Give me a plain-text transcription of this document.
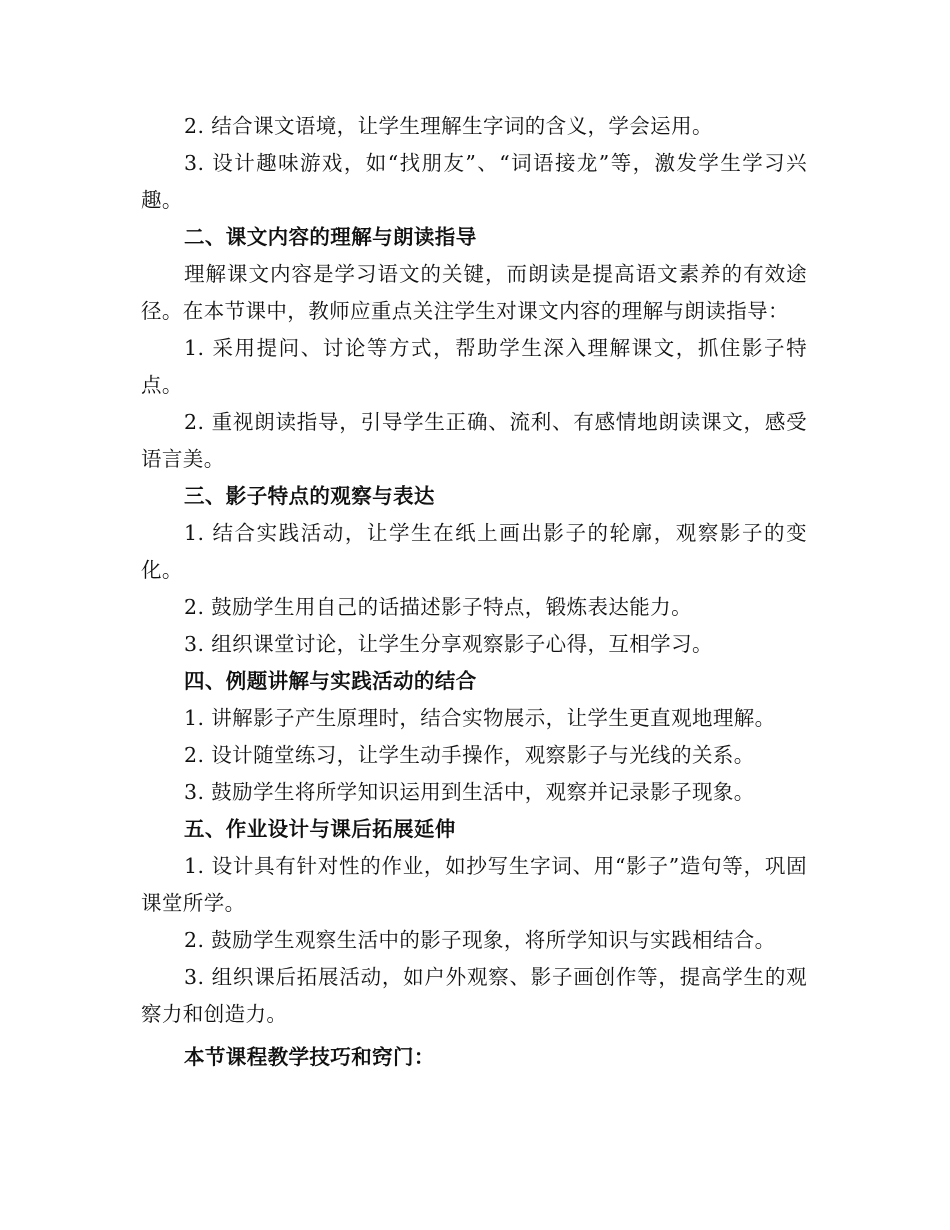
2. 结合课文语境，让学生理解生字词的含义，学会运用。

3. 设计趣味游戏，如“找朋友”、“词语接龙”等，激发学生学习兴趣。

二、课文内容的理解与朗读指导

理解课文内容是学习语文的关键，而朗读是提高语文素养的有效途径。在本节课中，教师应重点关注学生对课文内容的理解与朗读指导：

1. 采用提问、讨论等方式，帮助学生深入理解课文，抓住影子特点。

2. 重视朗读指导，引导学生正确、流利、有感情地朗读课文，感受语言美。

三、影子特点的观察与表达

1. 结合实践活动，让学生在纸上画出影子的轮廓，观察影子的变化。

2. 鼓励学生用自己的话描述影子特点，锻炼表达能力。

3. 组织课堂讨论，让学生分享观察影子心得，互相学习。

四、例题讲解与实践活动的结合

1. 讲解影子产生原理时，结合实物展示，让学生更直观地理解。

2. 设计随堂练习，让学生动手操作，观察影子与光线的关系。

3. 鼓励学生将所学知识运用到生活中，观察并记录影子现象。

五、作业设计与课后拓展延伸

1. 设计具有针对性的作业，如抄写生字词、用“影子”造句等，巩固课堂所学。

2. 鼓励学生观察生活中的影子现象，将所学知识与实践相结合。

3. 组织课后拓展活动，如户外观察、影子画创作等，提高学生的观察力和创造力。

本节课程教学技巧和窍门：
